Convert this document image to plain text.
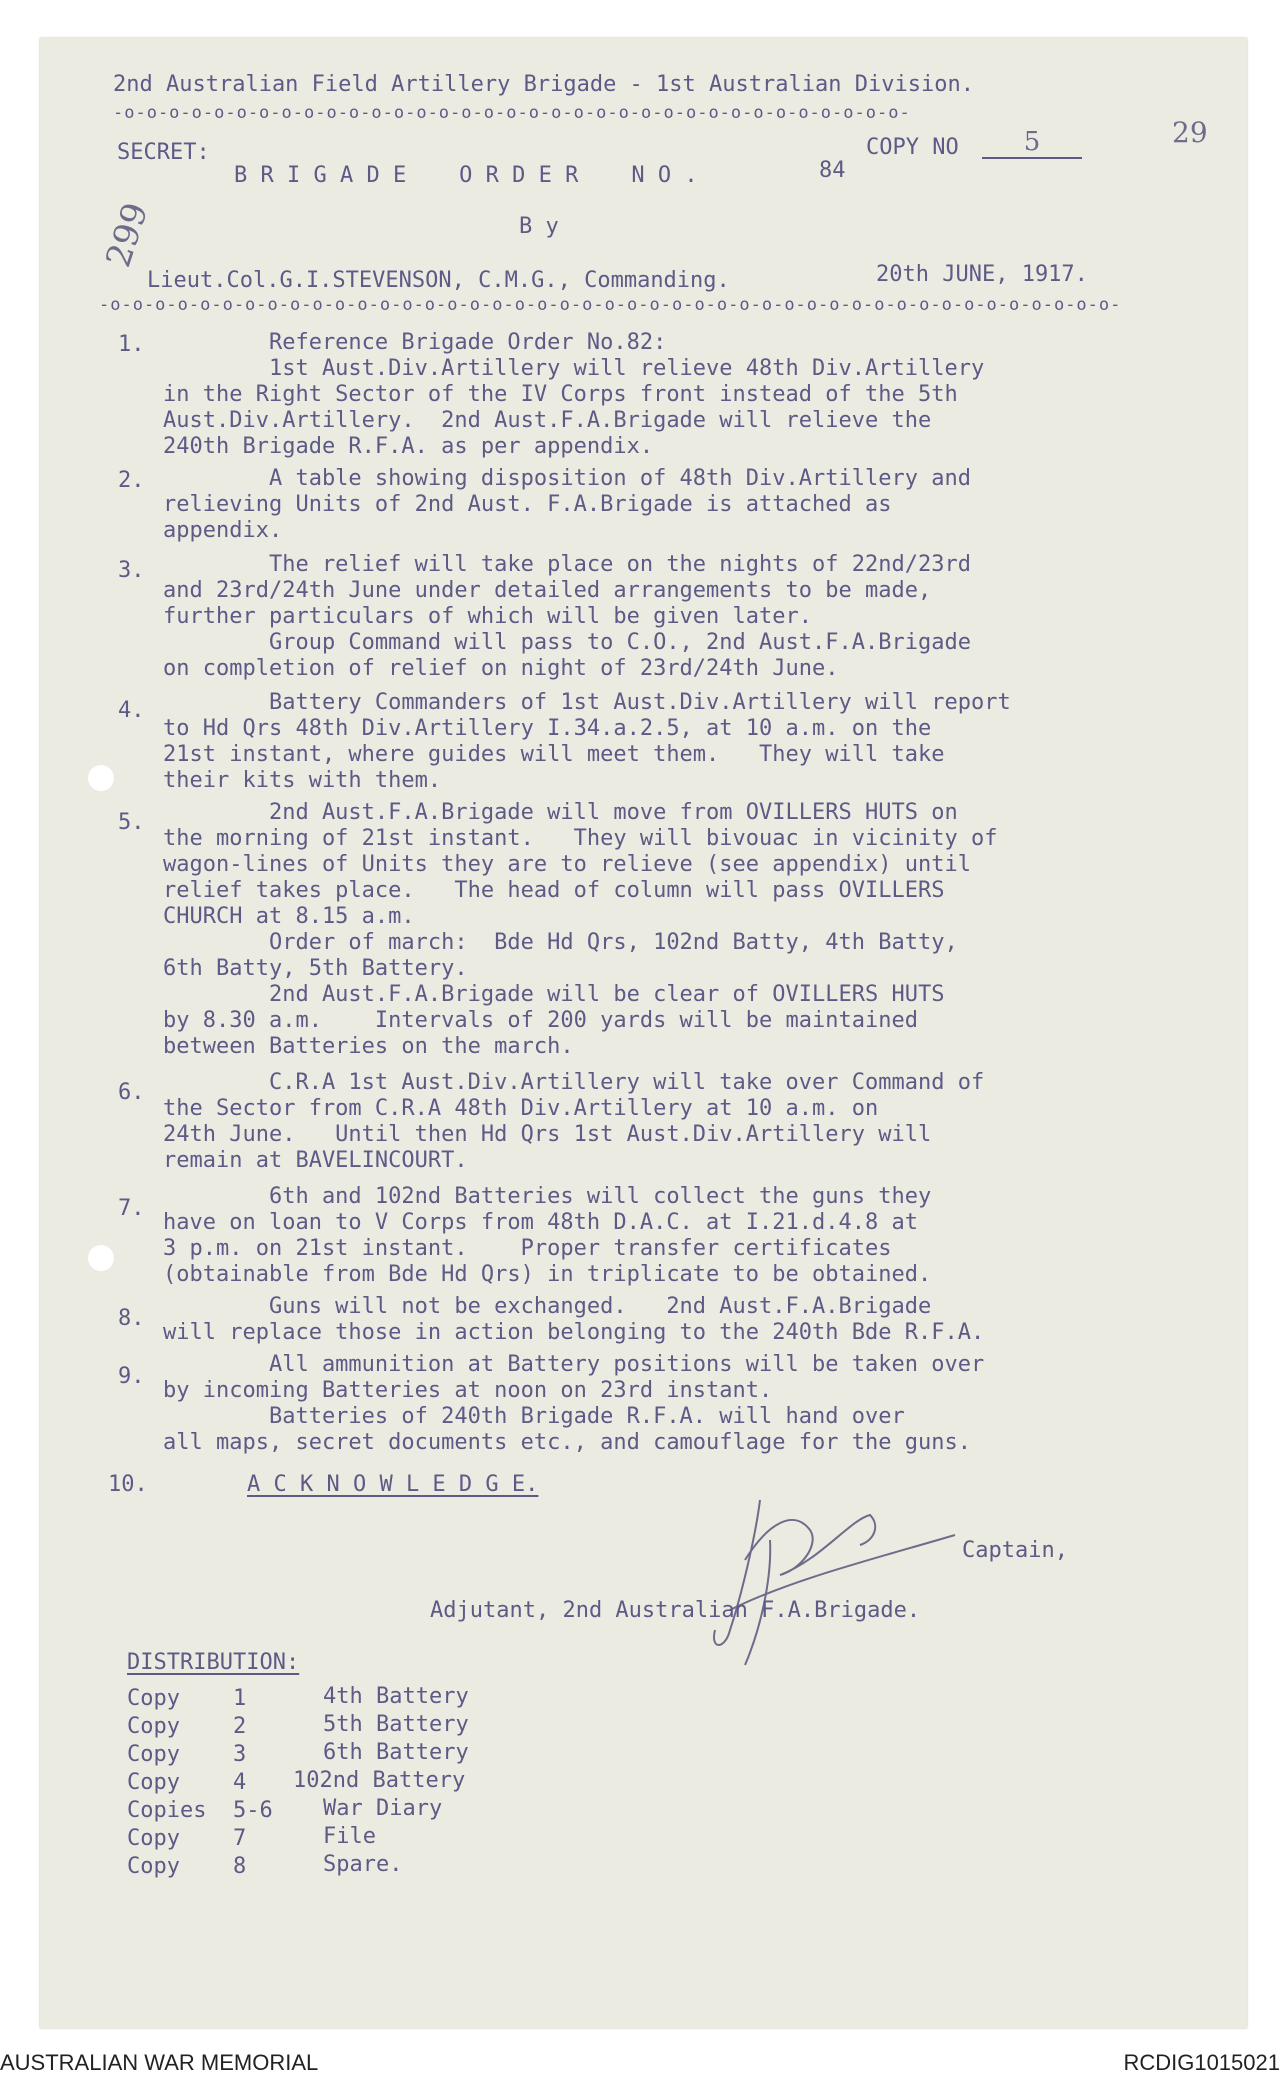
2nd Australian Field Artillery Brigade - 1st Australian Division.
-o-o-o-o-o-o-o-o-o-o-o-o-o-o-o-o-o-o-o-o-o-o-o-o-o-o-o-o-o-o-o-o-o-o-o-
SECRET:	COPY NO	5	29
299
B R I G A D E    O R D E R    N O .	84
B y
Lieut.Col.G.I.STEVENSON, C.M.G., Commanding.	20th JUNE, 1917.
-o-o-o-o-o-o-o-o-o-o-o-o-o-o-o-o-o-o-o-o-o-o-o-o-o-o-o-o-o-o-o-o-o-o-o-o-o-o-o-o-o-o-o-o-o-
1. Reference Brigade Order No.82:
1st Aust.Div.Artillery will relieve 48th Div.Artillery
in the Right Sector of the IV Corps front instead of the 5th
Aust.Div.Artillery.  2nd Aust.F.A.Brigade will relieve the
240th Brigade R.F.A. as per appendix.
2. A table showing disposition of 48th Div.Artillery and
relieving Units of 2nd Aust. F.A.Brigade is attached as
appendix.
3. The relief will take place on the nights of 22nd/23rd
and 23rd/24th June under detailed arrangements to be made,
further particulars of which will be given later.
Group Command will pass to C.O., 2nd Aust.F.A.Brigade
on completion of relief on night of 23rd/24th June.
4. Battery Commanders of 1st Aust.Div.Artillery will report
to Hd Qrs 48th Div.Artillery I.34.a.2.5, at 10 a.m. on the
21st instant, where guides will meet them.   They will take
their kits with them.
5. 2nd Aust.F.A.Brigade will move from OVILLERS HUTS on
the morning of 21st instant.   They will bivouac in vicinity of
wagon-lines of Units they are to relieve (see appendix) until
relief takes place.   The head of column will pass OVILLERS
CHURCH at 8.15 a.m.
Order of march:  Bde Hd Qrs, 102nd Batty, 4th Batty,
6th Batty, 5th Battery.
2nd Aust.F.A.Brigade will be clear of OVILLERS HUTS
by 8.30 a.m.    Intervals of 200 yards will be maintained
between Batteries on the march.
6. C.R.A 1st Aust.Div.Artillery will take over Command of
the Sector from C.R.A 48th Div.Artillery at 10 a.m. on
24th June.   Until then Hd Qrs 1st Aust.Div.Artillery will
remain at BAVELINCOURT.
7. 6th and 102nd Batteries will collect the guns they
have on loan to V Corps from 48th D.A.C. at I.21.d.4.8 at
3 p.m. on 21st instant.    Proper transfer certificates
(obtainable from Bde Hd Qrs) in triplicate to be obtained.
8. Guns will not be exchanged.   2nd Aust.F.A.Brigade
will replace those in action belonging to the 240th Bde R.F.A.
9. All ammunition at Battery positions will be taken over
by incoming Batteries at noon on 23rd instant.
Batteries of 240th Brigade R.F.A. will hand over
all maps, secret documents etc., and camouflage for the guns.
10.	A C K N O W L E D G E.
Captain,
Adjutant, 2nd Australian F.A.Brigade.
DISTRIBUTION:
Copy 1	4th Battery
Copy 2	5th Battery
Copy 3	6th Battery
Copy 4 102nd Battery
Copies 5-6 War Diary
Copy 7	File
Copy 8	Spare.
AUSTRALIAN WAR MEMORIAL	RCDIG1015021
